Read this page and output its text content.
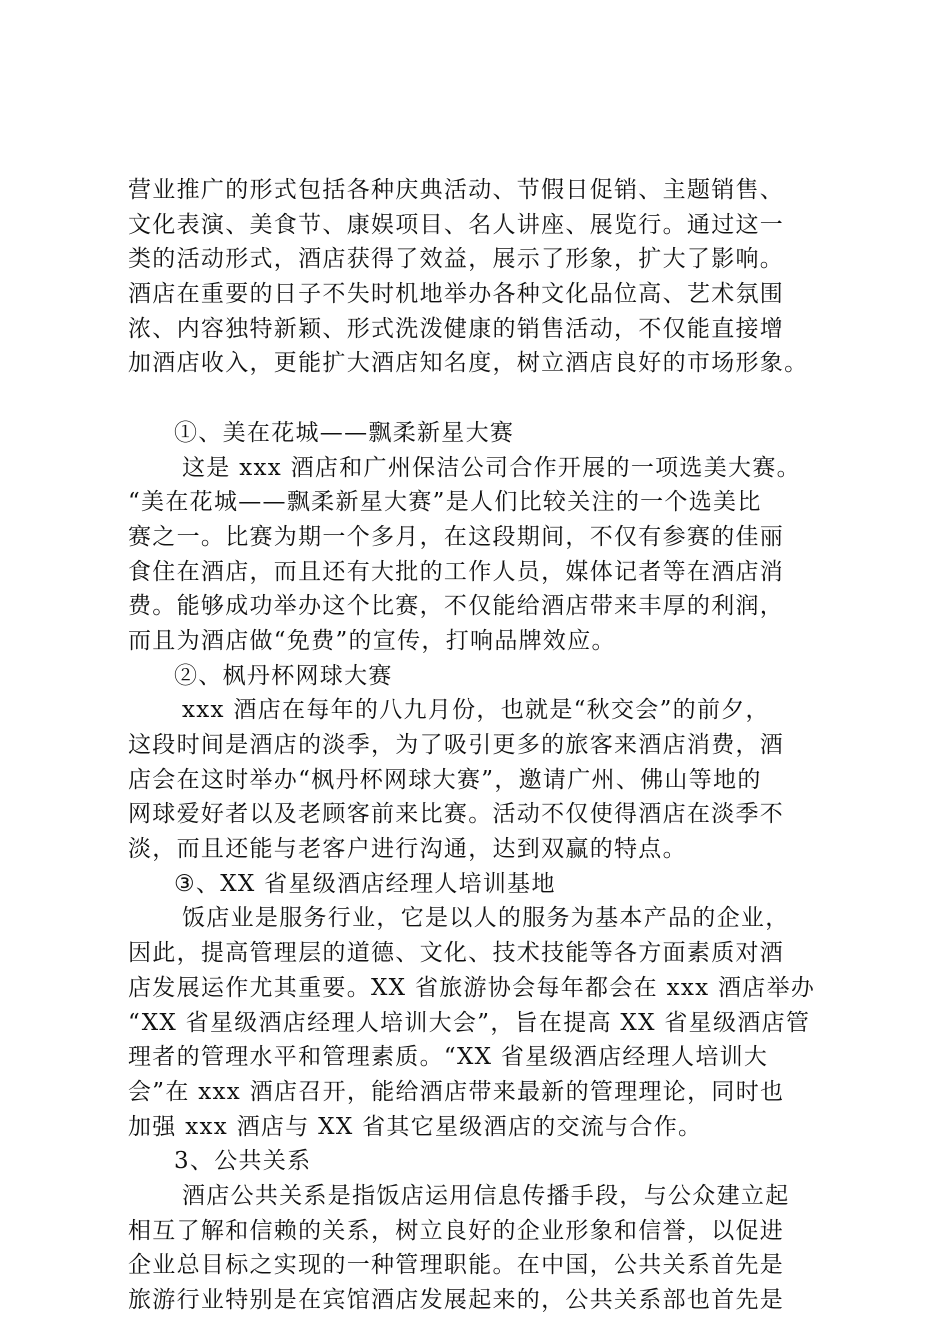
营业推广的形式包括各种庆典活动、节假日促销、主题销售、
文化表演、美食节、康娱项目、名人讲座、展览行。通过这一
类的活动形式，酒店获得了效益，展示了形象，扩大了影响。
酒店在重要的日子不失时机地举办各种文化品位高、艺术氛围
浓、内容独特新颖、形式洗泼健康的销售活动，不仅能直接增
加酒店收入，更能扩大酒店知名度，树立酒店良好的市场形象。
①、美在花城——飘柔新星大赛
这是 xxx 酒店和广州保洁公司合作开展的一项选美大赛。
“美在花城——飘柔新星大赛”是人们比较关注的一个选美比
赛之一。比赛为期一个多月，在这段期间，不仅有参赛的佳丽
食住在酒店，而且还有大批的工作人员，媒体记者等在酒店消
费。能够成功举办这个比赛，不仅能给酒店带来丰厚的利润，
而且为酒店做“免费”的宣传，打响品牌效应。
②、枫丹杯网球大赛
xxx 酒店在每年的八九月份，也就是“秋交会”的前夕，
这段时间是酒店的淡季，为了吸引更多的旅客来酒店消费，酒
店会在这时举办“枫丹杯网球大赛”，邀请广州、佛山等地的
网球爱好者以及老顾客前来比赛。活动不仅使得酒店在淡季不
淡，而且还能与老客户进行沟通，达到双赢的特点。
③、XX 省星级酒店经理人培训基地
饭店业是服务行业，它是以人的服务为基本产品的企业，
因此，提高管理层的道德、文化、技术技能等各方面素质对酒
店发展运作尤其重要。XX 省旅游协会每年都会在 xxx 酒店举办
“XX 省星级酒店经理人培训大会”，旨在提高 XX 省星级酒店管
理者的管理水平和管理素质。“XX 省星级酒店经理人培训大
会”在 xxx 酒店召开，能给酒店带来最新的管理理论，同时也
加强 xxx 酒店与 XX 省其它星级酒店的交流与合作。
3、公共关系
酒店公共关系是指饭店运用信息传播手段，与公众建立起
相互了解和信赖的关系，树立良好的企业形象和信誉，以促进
企业总目标之实现的一种管理职能。在中国，公共关系首先是
旅游行业特别是在宾馆酒店发展起来的，公共关系部也首先是
